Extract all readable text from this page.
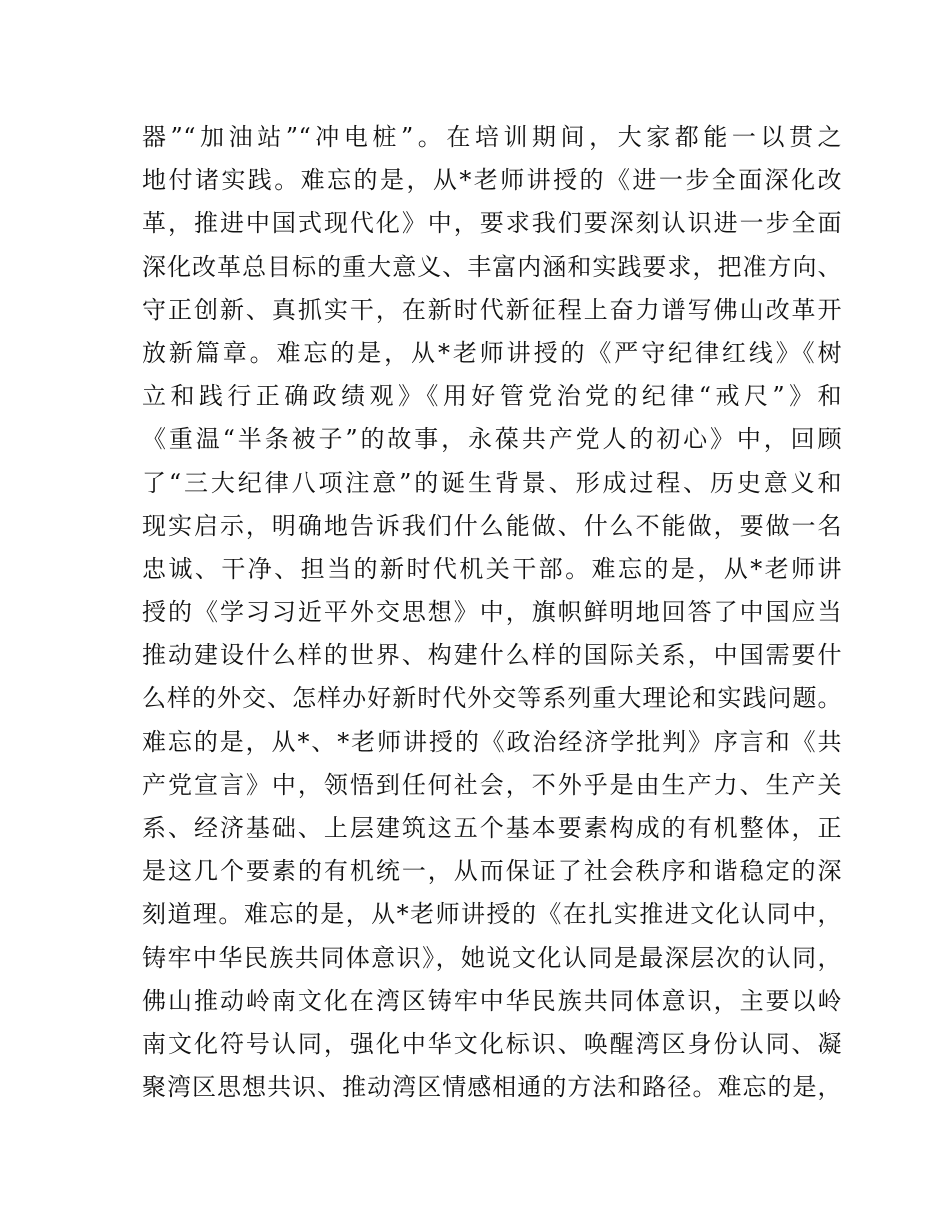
器”“加油站”“冲电桩”。在培训期间，大家都能一以贯之
地付诸实践。难忘的是，从*老师讲授的《进一步全面深化改
革，推进中国式现代化》中，要求我们要深刻认识进一步全面
深化改革总目标的重大意义、丰富内涵和实践要求，把准方向、
守正创新、真抓实干，在新时代新征程上奋力谱写佛山改革开
放新篇章。难忘的是，从*老师讲授的《严守纪律红线》《树
立和践行正确政绩观》《用好管党治党的纪律“戒尺”》和
《重温“半条被子”的故事，永葆共产党人的初心》中，回顾
了“三大纪律八项注意”的诞生背景、形成过程、历史意义和
现实启示，明确地告诉我们什么能做、什么不能做，要做一名
忠诚、干净、担当的新时代机关干部。难忘的是，从*老师讲
授的《学习习近平外交思想》中，旗帜鲜明地回答了中国应当
推动建设什么样的世界、构建什么样的国际关系，中国需要什
么样的外交、怎样办好新时代外交等系列重大理论和实践问题。
难忘的是，从*、*老师讲授的《政治经济学批判》序言和《共
产党宣言》中，领悟到任何社会，不外乎是由生产力、生产关
系、经济基础、上层建筑这五个基本要素构成的有机整体，正
是这几个要素的有机统一，从而保证了社会秩序和谐稳定的深
刻道理。难忘的是，从*老师讲授的《在扎实推进文化认同中，
铸牢中华民族共同体意识》，她说文化认同是最深层次的认同，
佛山推动岭南文化在湾区铸牢中华民族共同体意识，主要以岭
南文化符号认同，强化中华文化标识、唤醒湾区身份认同、凝
聚湾区思想共识、推动湾区情感相通的方法和路径。难忘的是，
